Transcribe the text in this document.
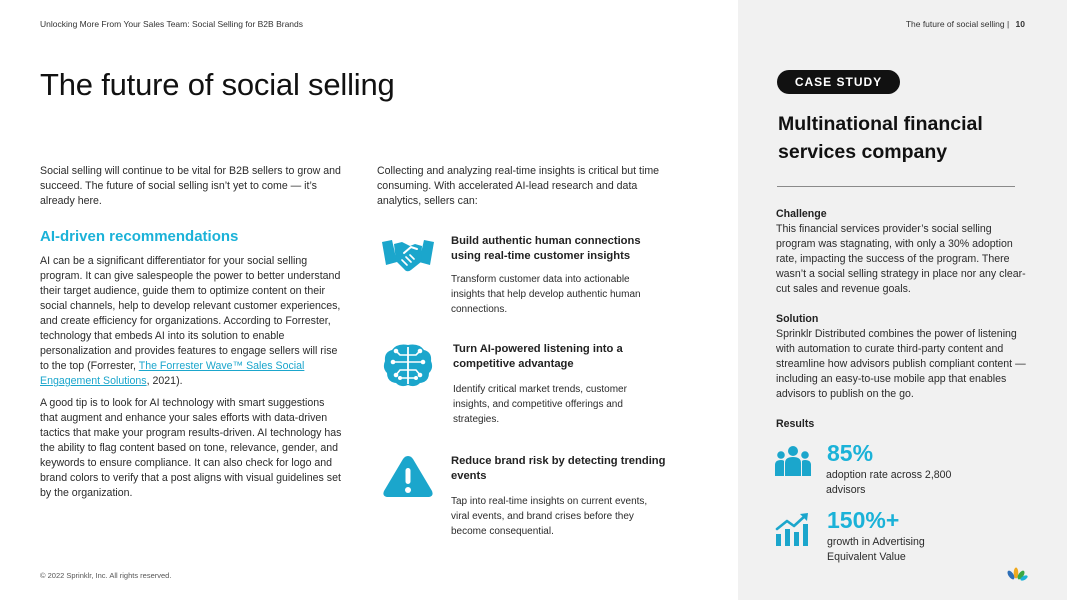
Unlocking More From Your Sales Team: Social Selling for B2B Brands	The future of social selling | 10
The future of social selling

Social selling will continue to be vital for B2B sellers to grow and succeed. The future of social selling isn’t yet to come — it’s already here.

AI-driven recommendations

AI can be a significant differentiator for your social selling program. It can give salespeople the power to better understand their target audience, guide them to optimize content on their social channels, help to develop relevant customer experiences, and create efficiency for organizations. According to Forrester, technology that embeds AI into its solution to enable personalization and provides features to engage sellers will rise to the top (Forrester, The Forrester Wave™ Sales Social Engagement Solutions, 2021).

A good tip is to look for AI technology with smart suggestions that augment and enhance your sales efforts with data-driven tactics that make your program results-driven. AI technology has the ability to flag content based on tone, relevance, gender, and keywords to ensure compliance. It can also check for logo and brand colors to verify that a post aligns with visual guidelines set by the organization.

Collecting and analyzing real-time insights is critical but time consuming. With accelerated AI-lead research and data analytics, sellers can:

Build authentic human connections using real-time customer insights
Transform customer data into actionable insights that help develop authentic human connections.
Turn AI-powered listening into a competitive advantage
Identify critical market trends, customer insights, and competitive offerings and strategies.
Reduce brand risk by detecting trending events
Tap into real-time insights on current events, viral events, and brand crises before they become consequential.
© 2022 Sprinklr, Inc. All rights reserved.
CASE STUDY
Multinational financial services company
Challenge

This financial services provider’s social selling program was stagnating, with only a 30% adoption rate, impacting the success of the program. There wasn’t a social selling strategy in place nor any clear-cut sales and revenue goals.

Solution

Sprinklr Distributed combines the power of listening with automation to curate third-party content and streamline how advisors publish compliant content — including an easy-to-use mobile app that enables advisors to publish on the go.

Results
85%
adoption rate across 2,800 advisors
150%+
growth in Advertising Equivalent Value
